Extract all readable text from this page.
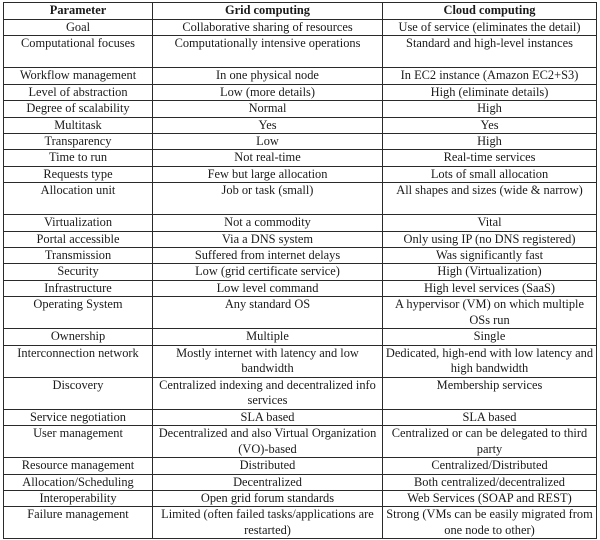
Parameter	Grid computing	Cloud computing
Goal	Collaborative sharing of resources	Use of service (eliminates the detail)
Computational focuses	Computationally intensive operations	Standard and high-level instances
Workflow management	In one physical node	In EC2 instance (Amazon EC2+S3)
Level of abstraction	Low (more details)	High (eliminate details)
Degree of scalability	Normal	High
Multitask	Yes	Yes
Transparency	Low	High
Time to run	Not real-time	Real-time services
Requests type	Few but large allocation	Lots of small allocation
Allocation unit	Job or task (small)	All shapes and sizes (wide & narrow)
Virtualization	Not a commodity	Vital
Portal accessible	Via a DNS system	Only using IP (no DNS registered)
Transmission	Suffered from internet delays	Was significantly fast
Security	Low (grid certificate service)	High (Virtualization)
Infrastructure	Low level command	High level services (SaaS)
Operating System	Any standard OS	A hypervisor (VM) on which multiple OSs run
Ownership	Multiple	Single
Interconnection network	Mostly internet with latency and low bandwidth	Dedicated, high-end with low latency and high bandwidth
Discovery	Centralized indexing and decentralized info services	Membership services
Service negotiation	SLA based	SLA based
User management	Decentralized and also Virtual Organization (VO)-based	Centralized or can be delegated to third party
Resource management	Distributed	Centralized/Distributed
Allocation/Scheduling	Decentralized	Both centralized/decentralized
Interoperability	Open grid forum standards	Web Services (SOAP and REST)
Failure management	Limited (often failed tasks/applications are restarted)	Strong (VMs can be easily migrated from one node to other)
